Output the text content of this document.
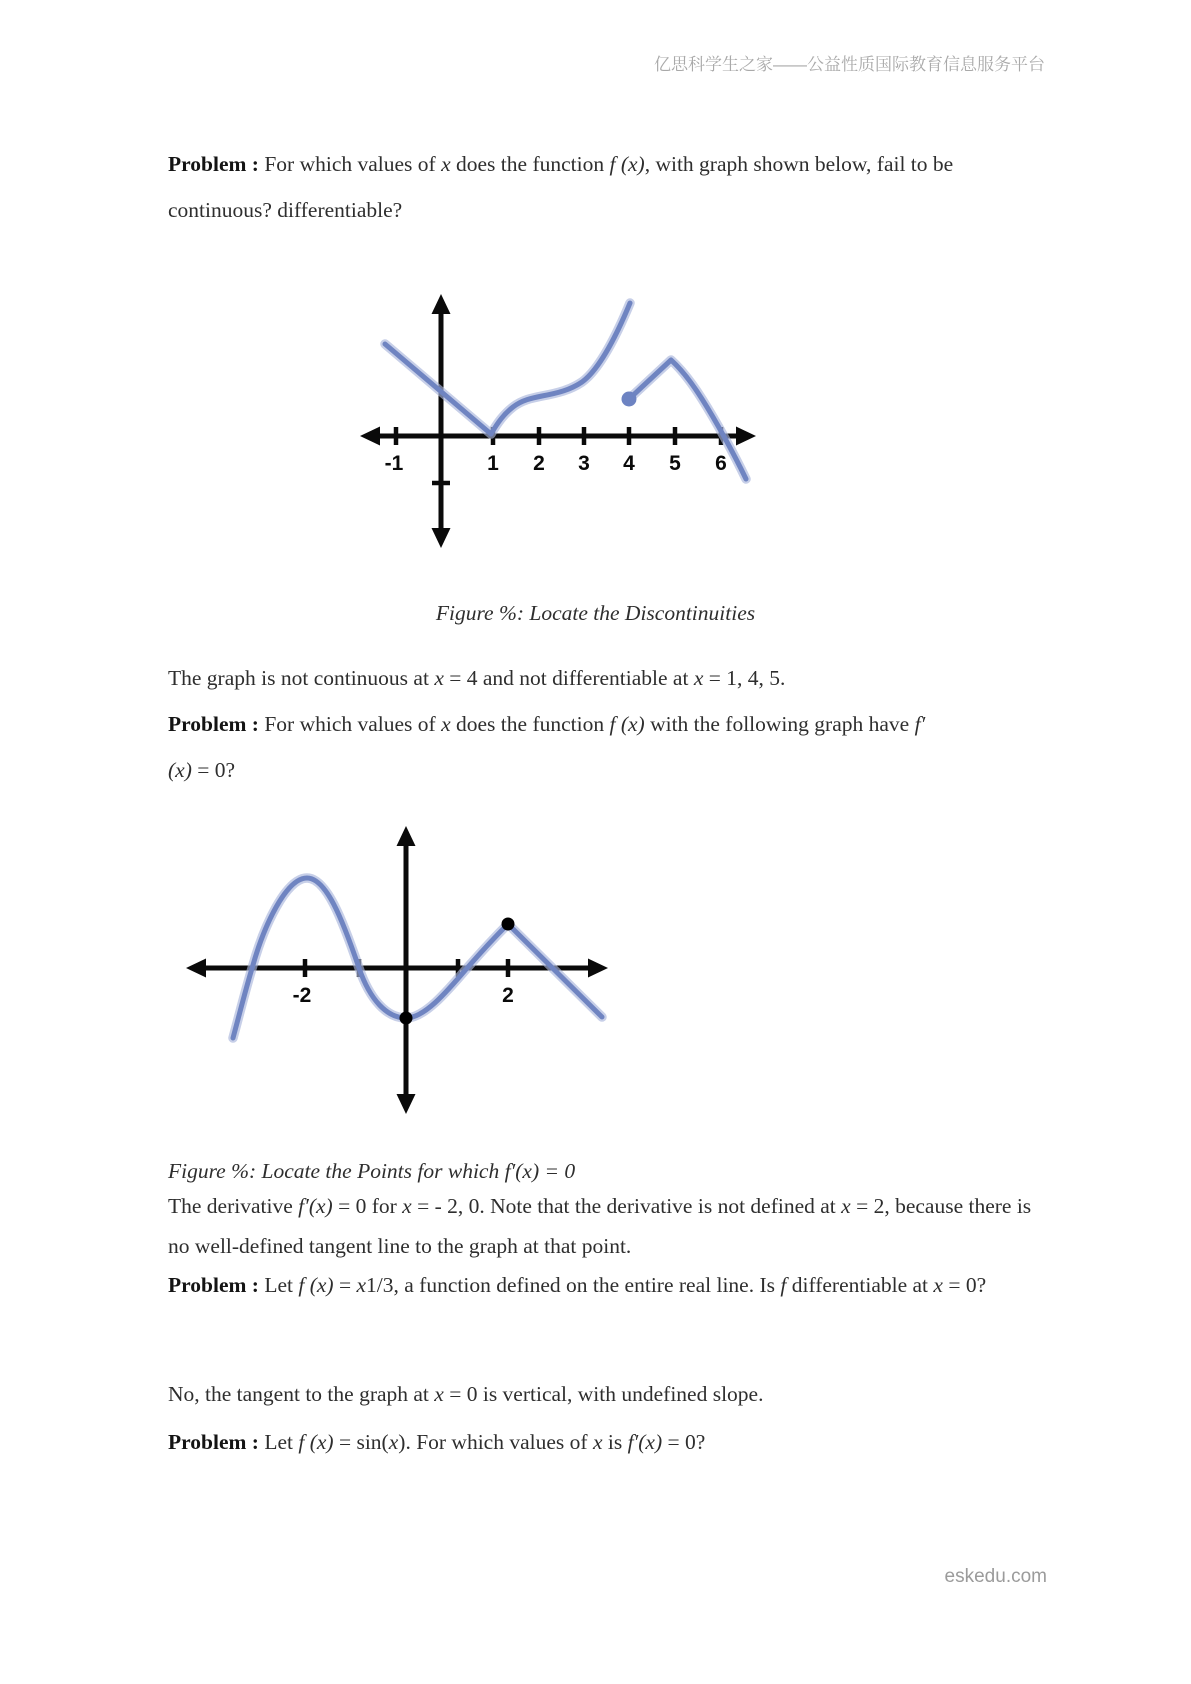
亿思科学生之家——公益性质国际教育信息服务平台

Problem : For which values of x does the function f (x), with graph shown below, fail to be continuous? differentiable?

-1	1 2 3 4 5 6

Figure %: Locate the Discontinuities

The graph is not continuous at x = 4 and not differentiable at x = 1, 4, 5.

Problem : For which values of x does the function f (x) with the following graph have f′(x) = 0?

-2	2

Figure %: Locate the Points for which f′(x) = 0

The derivative f′(x) = 0 for x = - 2, 0. Note that the derivative is not defined at x = 2, because there is no well-defined tangent line to the graph at that point.

Problem : Let f (x) = x1/3, a function defined on the entire real line. Is f differentiable at x = 0?

No, the tangent to the graph at x = 0 is vertical, with undefined slope.

Problem : Let f (x) = sin(x). For which values of x is f′(x) = 0?

eskedu.com
